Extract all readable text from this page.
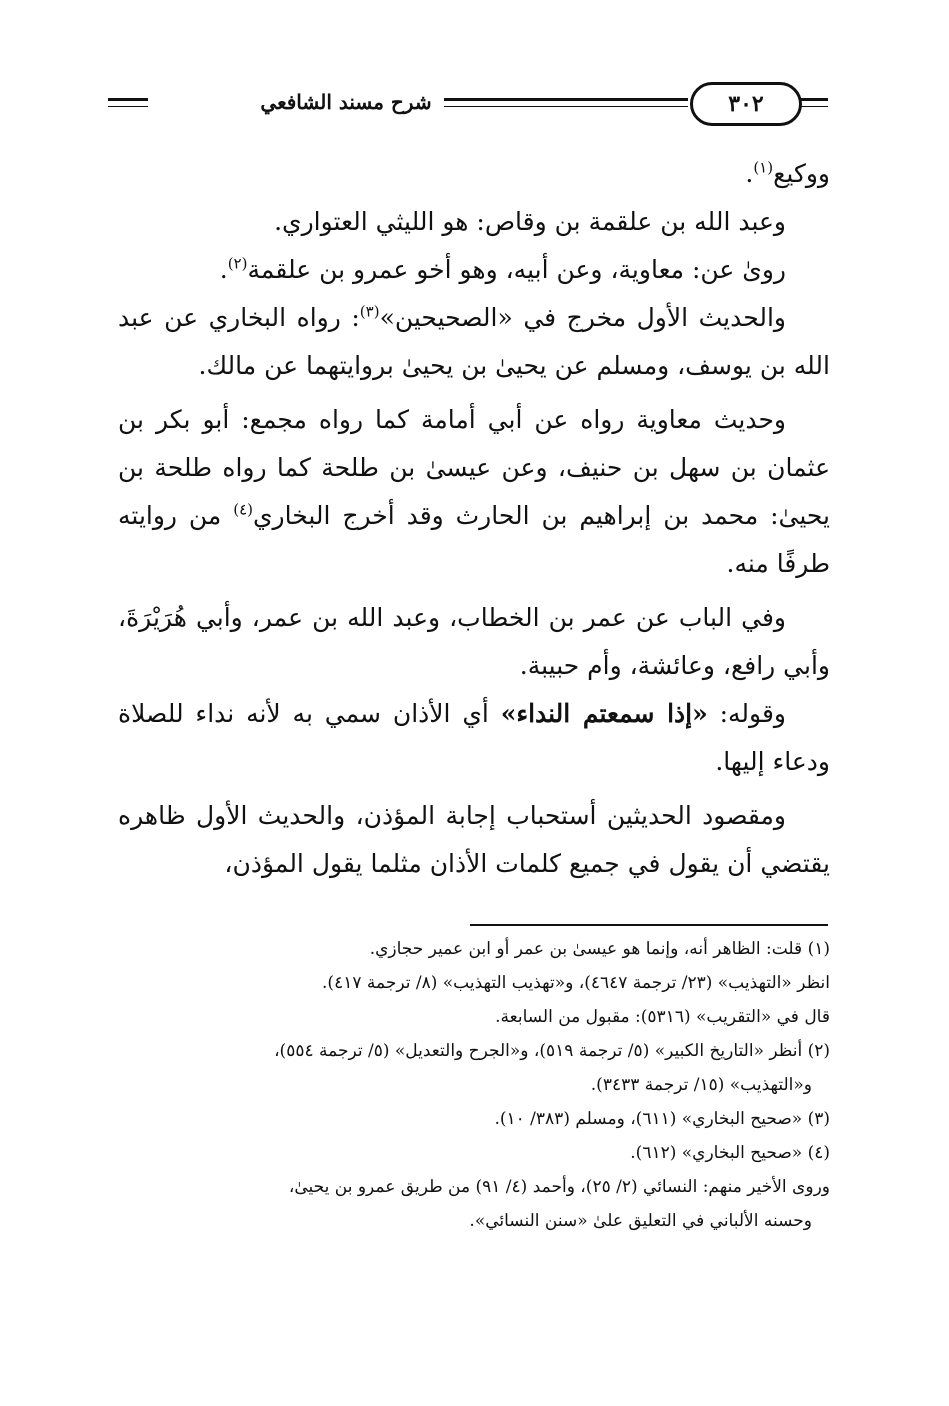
شرح مسند الشافعي	٣٠٢

ووكيع$^{(١)}$.

وعبد الله بن علقمة بن وقاص: هو الليثي العتواري.

روىٰ عن: معاوية، وعن أبيه، وهو أخو عمرو بن علقمة$^{(٢)}$.

والحديث الأول مخرج في «الصحيحين»$^{(٣)}$: رواه البخاري عن عبد الله بن يوسف، ومسلم عن يحيىٰ بن يحيىٰ بروايتهما عن مالك.

وحديث معاوية رواه عن أبي أمامة كما رواه مجمع: أبو بكر بن عثمان بن سهل بن حنيف، وعن عيسىٰ بن طلحة كما رواه طلحة بن يحيىٰ: محمد بن إبراهيم بن الحارث وقد أخرج البخاري$^{(٤)}$ من روايته طرفًا منه.

وفي الباب عن عمر بن الخطاب، وعبد الله بن عمر، وأبي هُرَيْرَةَ، وأبي رافع، وعائشة، وأم حبيبة.

وقوله: «إذا سمعتم النداء» أي الأذان سمي به لأنه نداء للصلاة ودعاء إليها.

ومقصود الحديثين أستحباب إجابة المؤذن، والحديث الأول ظاهره يقتضي أن يقول في جميع كلمات الأذان مثلما يقول المؤذن،

(١) قلت: الظاهر أنه، وإنما هو عيسىٰ بن عمر أو ابن عمير حجازي.

انظر «التهذيب» (٢٣/ ترجمة ٤٦٤٧)، و«تهذيب التهذيب» (٨/ ترجمة ٤١٧).

قال في «التقريب» (٥٣١٦): مقبول من السابعة.

(٢) أنظر «التاريخ الكبير» (٥/ ترجمة ٥١٩)، و«الجرح والتعديل» (٥/ ترجمة ٥٥٤)،

و«التهذيب» (١٥/ ترجمة ٣٤٣٣).

(٣) «صحيح البخاري» (٦١١)، ومسلم (٣٨٣/ ١٠).

(٤) «صحيح البخاري» (٦١٢).

وروى الأخير منهم: النسائي (٢/ ٢٥)، وأحمد (٤/ ٩١) من طريق عمرو بن يحيىٰ،

وحسنه الألباني في التعليق علىٰ «سنن النسائي».
